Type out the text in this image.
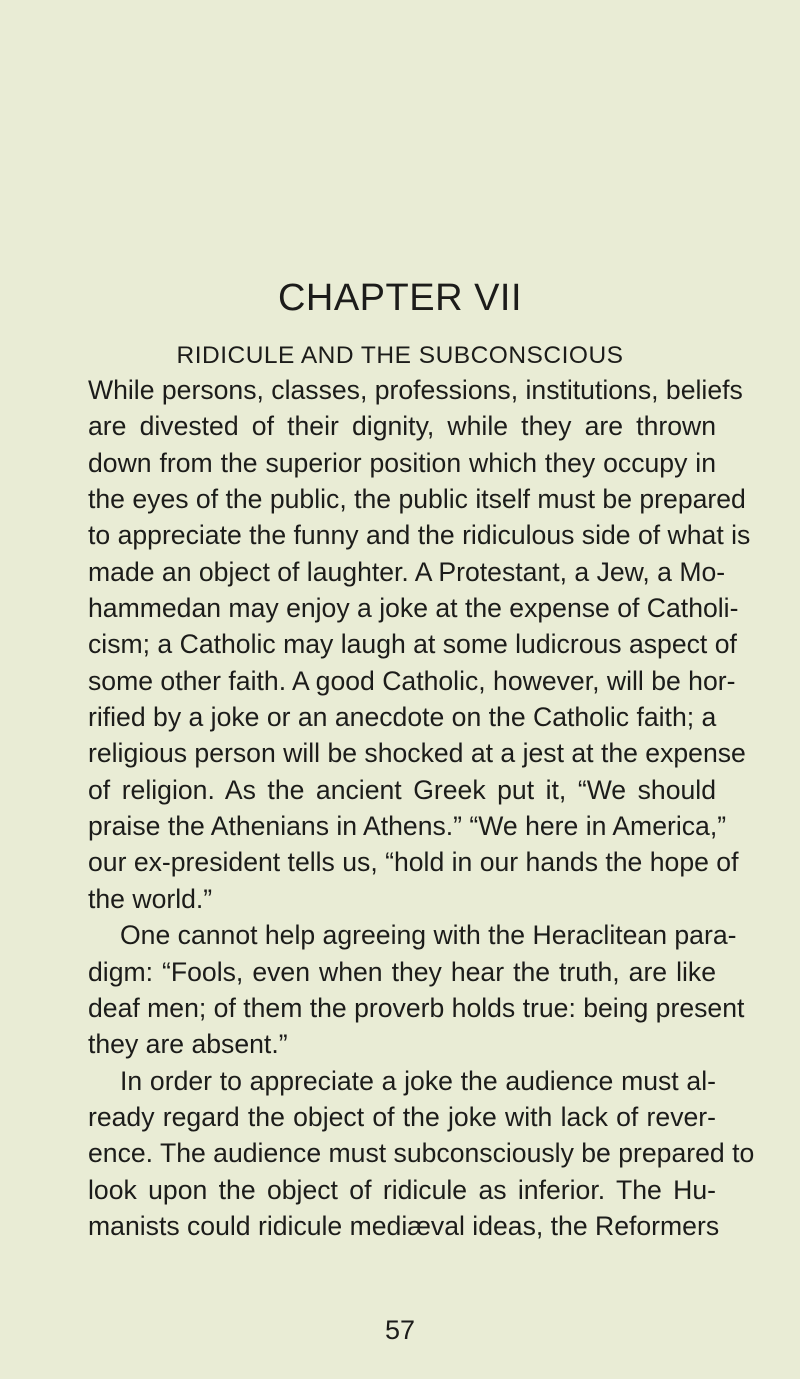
CHAPTER VII
RIDICULE AND THE SUBCONSCIOUS
While persons, classes, professions, institutions, beliefs
are divested of their dignity, while they are thrown
down from the superior position which they occupy in
the eyes of the public, the public itself must be prepared
to appreciate the funny and the ridiculous side of what is
made an object of laughter. A Protestant, a Jew, a Mo-
hammedan may enjoy a joke at the expense of Catholi-
cism; a Catholic may laugh at some ludicrous aspect of
some other faith. A good Catholic, however, will be hor-
rified by a joke or an anecdote on the Catholic faith; a
religious person will be shocked at a jest at the expense
of religion. As the ancient Greek put it, “We should
praise the Athenians in Athens.” “We here in America,”
our ex-president tells us, “hold in our hands the hope of
the world.”
One cannot help agreeing with the Heraclitean para-
digm: “Fools, even when they hear the truth, are like
deaf men; of them the proverb holds true: being present
they are absent.”
In order to appreciate a joke the audience must al-
ready regard the object of the joke with lack of rever-
ence. The audience must subconsciously be prepared to
look upon the object of ridicule as inferior. The Hu-
manists could ridicule mediæval ideas, the Reformers
57
